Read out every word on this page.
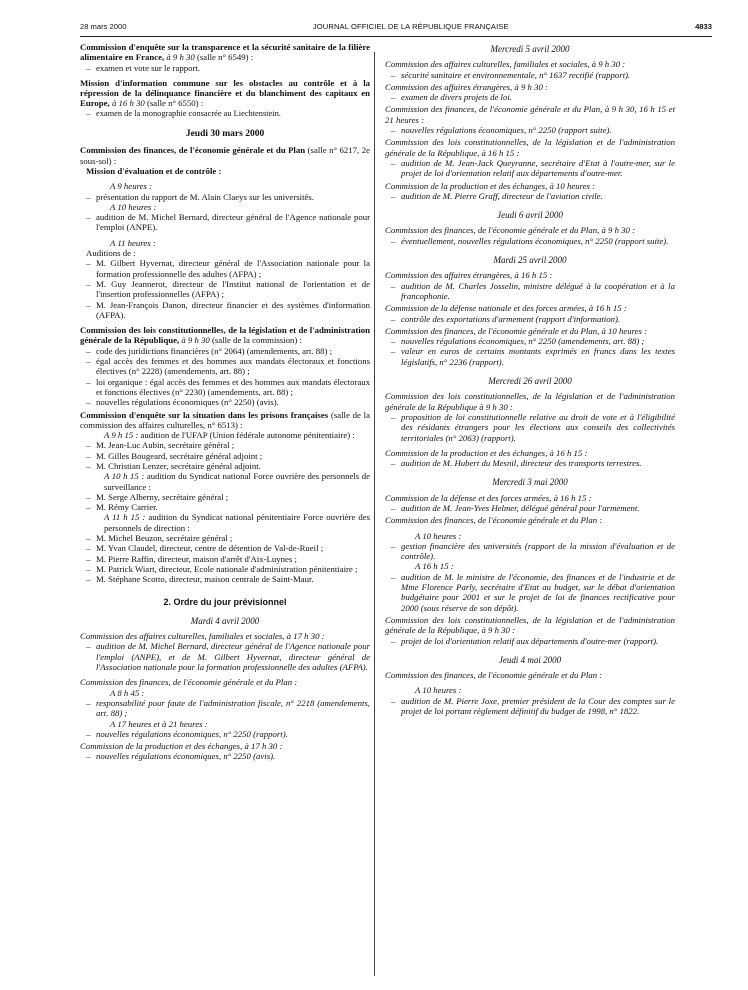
28 mars 2000	JOURNAL OFFICIEL DE LA RÉPUBLIQUE FRANÇAISE	4833
Commission d'enquête sur la transparence et la sécurité sanitaire de la filière alimentaire en France, à 9 h 30 (salle n° 6549) :
– examen et vote sur le rapport.
Mission d'information commune sur les obstacles au contrôle et à la répression de la délinquance financière et du blanchiment des capitaux en Europe, à 16 h 30 (salle n° 6550) :
– examen de la monographie consacrée au Liechtenstein.
Jeudi 30 mars 2000
Commission des finances, de l'économie générale et du Plan (salle n° 6217, 2e sous-sol) :
Mission d'évaluation et de contrôle :
A 9 heures :
– présentation du rapport de M. Alain Claeys sur les universités.
A 10 heures :
– audition de M. Michel Bernard, directeur général de l'Agence nationale pour l'emploi (ANPE).
A 11 heures :
Auditions de :
– M. Gilbert Hyvernat, directeur général de l'Association nationale pour la formation professionnelle des adultes (AFPA) ;
– M. Guy Jeannerot, directeur de l'Institut national de l'orientation et de l'insertion professionnelles (AFPA) ;
– M. Jean-François Danon, directeur financier et des systèmes d'information (AFPA).
Commission des lois constitutionnelles, de la législation et de l'administration générale de la République, à 9 h 30 (salle de la commission) :
– code des juridictions financières (n° 2064) (amendements, art. 88) ;
– égal accès des femmes et des hommes aux mandats électoraux et fonctions électives (n° 2228) (amendements, art. 88) ;
– loi organique : égal accès des femmes et des hommes aux mandats électoraux et fonctions électives (n° 2230) (amendements, art. 88) ;
– nouvelles régulations économiques (n° 2250) (avis).
Commission d'enquête sur la situation dans les prisons françaises (salle de la commission des affaires culturelles, n° 6513) :
A 9 h 15 : audition de l'UFAP (Union fédérale autonome pénitentiaire) :
– M. Jean-Luc Aubin, secrétaire général ;
– M. Gilles Bougeard, secrétaire général adjoint ;
– M. Christian Lenzer, secrétaire général adjoint.
A 10 h 15 : audition du Syndicat national Force ouvrière des personnels de surveillance :
– M. Serge Alberny, secrétaire général ;
– M. Rémy Carrier.
A 11 h 15 : audition du Syndicat national pénitentiaire Force ouvrière des personnels de direction :
– M. Michel Beuzon, secrétaire général ;
– M. Yvan Claudel, directeur, centre de détention de Val-de-Rueil ;
– M. Pierre Raffin, directeur, maison d'arrêt d'Aix-Luynes ;
– M. Patrick Wiart, directeur, Ecole nationale d'administration pénitentiaire ;
– M. Stéphane Scotto, directeur, maison centrale de Saint-Maur.
2. Ordre du jour prévisionnel
Mardi 4 avril 2000
Commission des affaires culturelles, familiales et sociales, à 17 h 30 :
– audition de M. Michel Bernard, directeur général de l'Agence nationale pour l'emploi (ANPE), et de M. Gilbert Hyvernat, directeur général de l'Association nationale pour la formation professionnelle des adultes (AFPA).
Commission des finances, de l'économie générale et du Plan :
A 8 h 45 :
– responsabilité pour faute de l'administration fiscale, n° 2218 (amendements, art. 88) ;
A 17 heures et à 21 heures :
– nouvelles régulations économiques, n° 2250 (rapport).
Commission de la production et des échanges, à 17 h 30 :
– nouvelles régulations économiques, n° 2250 (avis).
Mercredi 5 avril 2000
Commission des affaires culturelles, familiales et sociales, à 9 h 30 :
– sécurité sanitaire et environnementale, n° 1637 rectifié (rapport).
Commission des affaires étrangères, à 9 h 30 :
– examen de divers projets de loi.
Commission des finances, de l'économie générale et du Plan, à 9 h 30, 16 h 15 et 21 heures :
– nouvelles régulations économiques, n° 2250 (rapport suite).
Commission des lois constitutionnelles, de la législation et de l'administration générale de la République, à 16 h 15 :
– audition de M. Jean-Jack Queyranne, secrétaire d'Etat à l'outre-mer, sur le projet de loi d'orientation relatif aux départements d'outre-mer.
Commission de la production et des échanges, à 10 heures :
– audition de M. Pierre Graff, directeur de l'aviation civile.
Jeudi 6 avril 2000
Commission des finances, de l'économie générale et du Plan, à 9 h 30 :
– éventuellement, nouvelles régulations économiques, n° 2250 (rapport suite).
Mardi 25 avril 2000
Commission des affaires étrangères, à 16 h 15 :
– audition de M. Charles Josselin, ministre délégué à la coopération et à la francophonie.
Commission de la défense nationale et des forces armées, à 16 h 15 :
– contrôle des exportations d'armement (rapport d'information).
Commission des finances, de l'économie générale et du Plan, à 10 heures :
– nouvelles régulations économiques, n° 2250 (amendements, art. 88) ;
– valeur en euros de certains montants exprimés en francs dans les textes législatifs, n° 2236 (rapport).
Mercredi 26 avril 2000
Commission des lois constitutionnelles, de la législation et de l'administration générale de la République à 9 h 30 :
– proposition de loi constitutionnelle relative au droit de vote et à l'éligibilité des résidants étrangers pour les élections aux conseils des collectivités territoriales (n° 2063) (rapport).
Commission de la production et des échanges, à 16 h 15 :
– audition de M. Hubert du Mesnil, directeur des transports terrestres.
Mercredi 3 mai 2000
Commission de la défense et des forces armées, à 16 h 15 :
– audition de M. Jean-Yves Helmer, délégué général pour l'armement.
Commission des finances, de l'économie générale et du Plan :
A 10 heures :
– gestion financière des universités (rapport de la mission d'évaluation et de contrôle).
A 16 h 15 :
– audition de M. le ministre de l'économie, des finances et de l'industrie et de Mme Florence Parly, secrétaire d'Etat au budget, sur le débat d'orientation budgétaire pour 2001 et sur le projet de loi de finances rectificative pour 2000 (sous réserve de son dépôt).
Commission des lois constitutionnelles, de la législation et de l'administration générale de la République, à 9 h 30 :
– projet de loi d'orientation relatif aux départements d'outre-mer (rapport).
Jeudi 4 mai 2000
Commission des finances, de l'économie générale et du Plan :
A 10 heures :
– audition de M. Pierre Joxe, premier président de la Cour des comptes sur le projet de loi portant règlement définitif du budget de 1998, n° 1822.
